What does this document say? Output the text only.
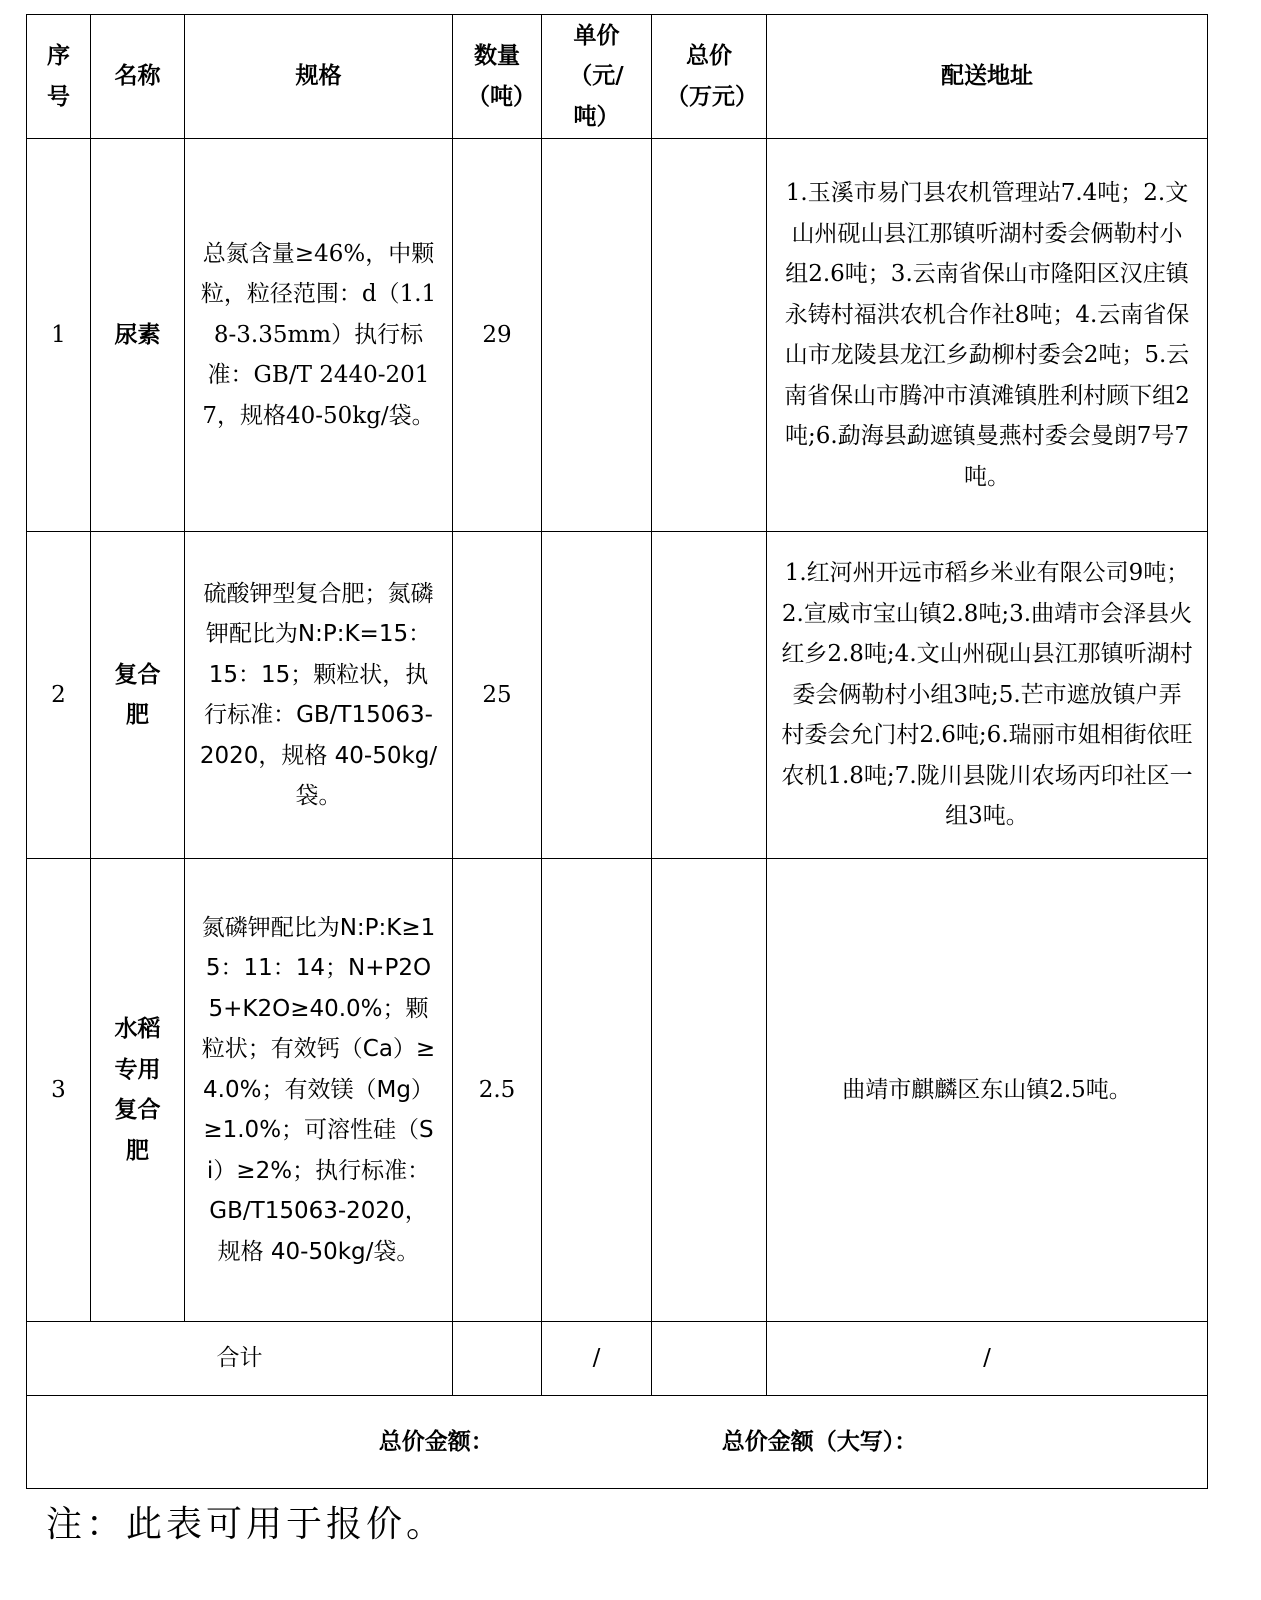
序号	名称	规格	数量（吨）	单价（元/吨）	总价（万元）	配送地址
1	尿素	总氮含量≥46%，中颗粒，粒径范围：d（1.18-3.35mm）执行标准：GB/T 2440-2017，规格40-50kg/袋。	29			1.玉溪市易门县农机管理站7.4吨；2.文山州砚山县江那镇听湖村委会俩勒村小组2.6吨；3.云南省保山市隆阳区汉庄镇永铸村福洪农机合作社8吨；4.云南省保山市龙陵县龙江乡勐柳村委会2吨；5.云南省保山市腾冲市滇滩镇胜利村顾下组2 吨;6.勐海县勐遮镇曼燕村委会曼朗7号7吨。
2	复合肥	硫酸钾型复合肥；氮磷钾配比为N:P:K=15：15：15；颗粒状，执行标准：GB/T15063-2020，规格 40-50kg/袋。	25			1.红河州开远市稻乡米业有限公司9吨；2.宣威市宝山镇2.8吨;3.曲靖市会泽县火红乡2.8吨;4.文山州砚山县江那镇听湖村委会俩勒村小组3吨;5.芒市遮放镇户弄村委会允门村2.6吨;6.瑞丽市姐相街依旺农机1.8吨;7.陇川县陇川农场丙印社区一组3吨。
3	水稻专用复合肥	氮磷钾配比为N:P:K≥15：11：14；N+P2O5+K2O≥40.0%；颗粒状；有效钙（Ca）≥4.0%；有效镁（Mg）≥1.0%；可溶性硅（Si）≥2%；执行标准：GB/T15063-2020，规格 40-50kg/袋。	2.5			曲靖市麒麟区东山镇2.5吨。
合计				/		/
总价金额： 总价金额（大写）：						
注：此表可用于报价。
